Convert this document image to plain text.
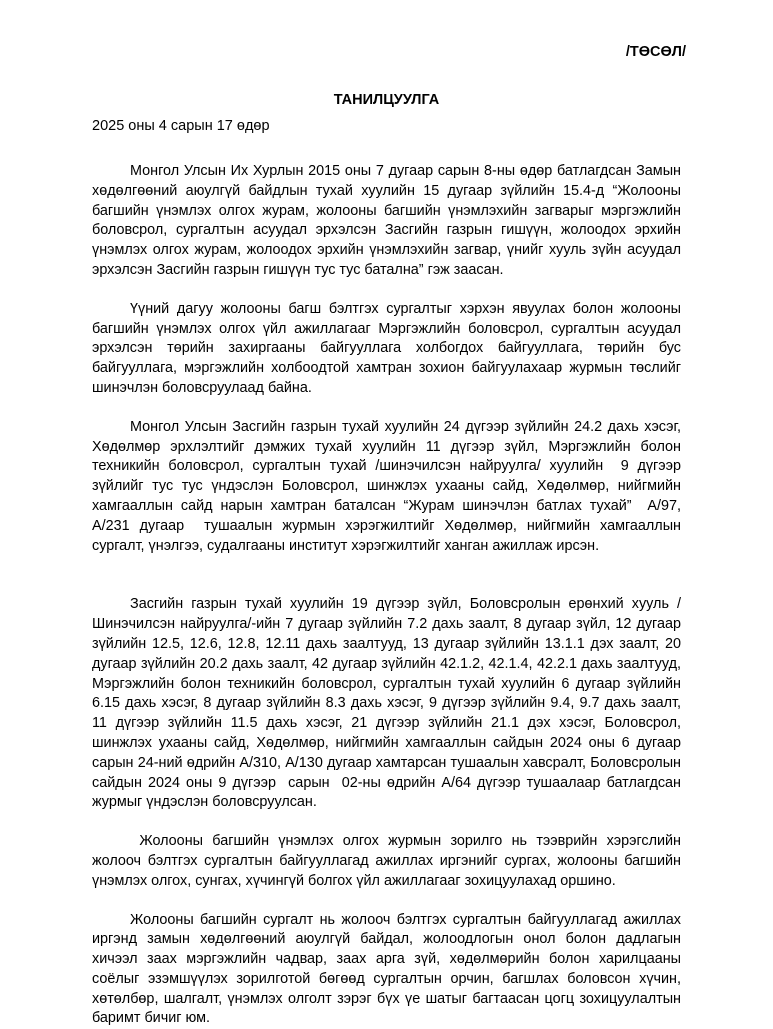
/ТӨСӨЛ/
ТАНИЛЦУУЛГА
2025 оны 4 сарын 17 өдөр

Монгол Улсын Их Хурлын 2015 оны 7 дугаар сарын 8-ны өдөр батлагдсан Замын хөдөлгөөний аюулгүй байдлын тухай хуулийн 15 дугаар зүйлийн 15.4-д “Жолооны багшийн үнэмлэх олгох журам, жолооны багшийн үнэмлэхийн загварыг мэргэжлийн боловсрол, сургалтын асуудал эрхэлсэн Засгийн газрын гишүүн, жолоодох эрхийн үнэмлэх олгох журам, жолоодох эрхийн үнэмлэхийн загвар, үнийг хууль зүйн асуудал эрхэлсэн Засгийн газрын гишүүн тус тус батална” гэж заасан.

Үүний дагуу жолооны багш бэлтгэх сургалтыг хэрхэн явуулах болон жолооны багшийн үнэмлэх олгох үйл ажиллагааг Мэргэжлийн боловсрол, сургалтын асуудал эрхэлсэн төрийн захиргааны байгууллага холбогдох байгууллага, төрийн бус байгууллага, мэргэжлийн холбоодтой хамтран зохион байгуулахаар журмын төслийг шинэчлэн боловсруулаад байна.

Монгол Улсын Засгийн газрын тухай хуулийн 24 дүгээр зүйлийн 24.2 дахь хэсэг, Хөдөлмөр эрхлэлтийг дэмжих тухай хуулийн 11 дүгээр зүйл, Мэргэжлийн болон техникийн боловсрол, сургалтын тухай /шинэчилсэн найруулга/ хуулийн  9 дүгээр зүйлийг тус тус үндэслэн Боловсрол, шинжлэх ухааны сайд, Хөдөлмөр, нийгмийн хамгааллын сайд нарын хамтран баталсан “Журам шинэчлэн батлах тухай”  А/97, А/231 дугаар  тушаалын журмын хэрэгжилтийг Хөдөлмөр, нийгмийн хамгааллын сургалт, үнэлгээ, судалгааны институт хэрэгжилтийг ханган ажиллаж ирсэн.

Засгийн газрын тухай хуулийн 19 дүгээр зүйл, Боловсролын ерөнхий хууль /Шинэчилсэн найруулга/-ийн 7 дугаар зүйлийн 7.2 дахь заалт, 8 дугаар зүйл, 12 дугаар зүйлийн 12.5, 12.6, 12.8, 12.11 дахь заалтууд, 13 дугаар зүйлийн 13.1.1 дэх заалт, 20 дугаар зүйлийн 20.2 дахь заалт, 42 дугаар зүйлийн 42.1.2, 42.1.4, 42.2.1 дахь заалтууд,  Мэргэжлийн болон техникийн боловсрол, сургалтын тухай хуулийн 6 дугаар зүйлийн 6.15 дахь хэсэг, 8 дугаар зүйлийн 8.3 дахь хэсэг, 9 дүгээр зүйлийн 9.4, 9.7 дахь заалт, 11 дүгээр зүйлийн 11.5 дахь хэсэг, 21 дүгээр зүйлийн 21.1 дэх хэсэг, Боловсрол, шинжлэх ухааны сайд, Хөдөлмөр, нийгмийн хамгааллын сайдын 2024 оны 6 дугаар сарын 24-ний өдрийн А/310, А/130 дугаар хамтарсан тушаалын хавсралт, Боловсролын сайдын 2024 оны 9 дүгээр  сарын  02-ны өдрийн А/64 дүгээр тушаалаар батлагдсан журмыг үндэслэн боловсруулсан.

Жолооны багшийн үнэмлэх олгох журмын зорилго нь тээврийн хэрэгслийн жолооч бэлтгэх сургалтын байгууллагад ажиллах иргэнийг сургах, жолооны багшийн үнэмлэх олгох, сунгах, хүчингүй болгох үйл ажиллагааг зохицуулахад оршино.

Жолооны багшийн сургалт нь жолооч бэлтгэх сургалтын байгууллагад ажиллах иргэнд замын хөдөлгөөний аюулгүй байдал, жолоодлогын онол болон дадлагын хичээл заах мэргэжлийн чадвар, заах арга зүй, хөдөлмөрийн болон харилцааны соёлыг эзэмшүүлэх зорилготой бөгөөд сургалтын орчин, багшлах боловсон хүчин, хөтөлбөр, шалгалт, үнэмлэх олголт зэрэг бүх үе шатыг багтаасан цогц зохицуулалтын баримт бичиг юм.
